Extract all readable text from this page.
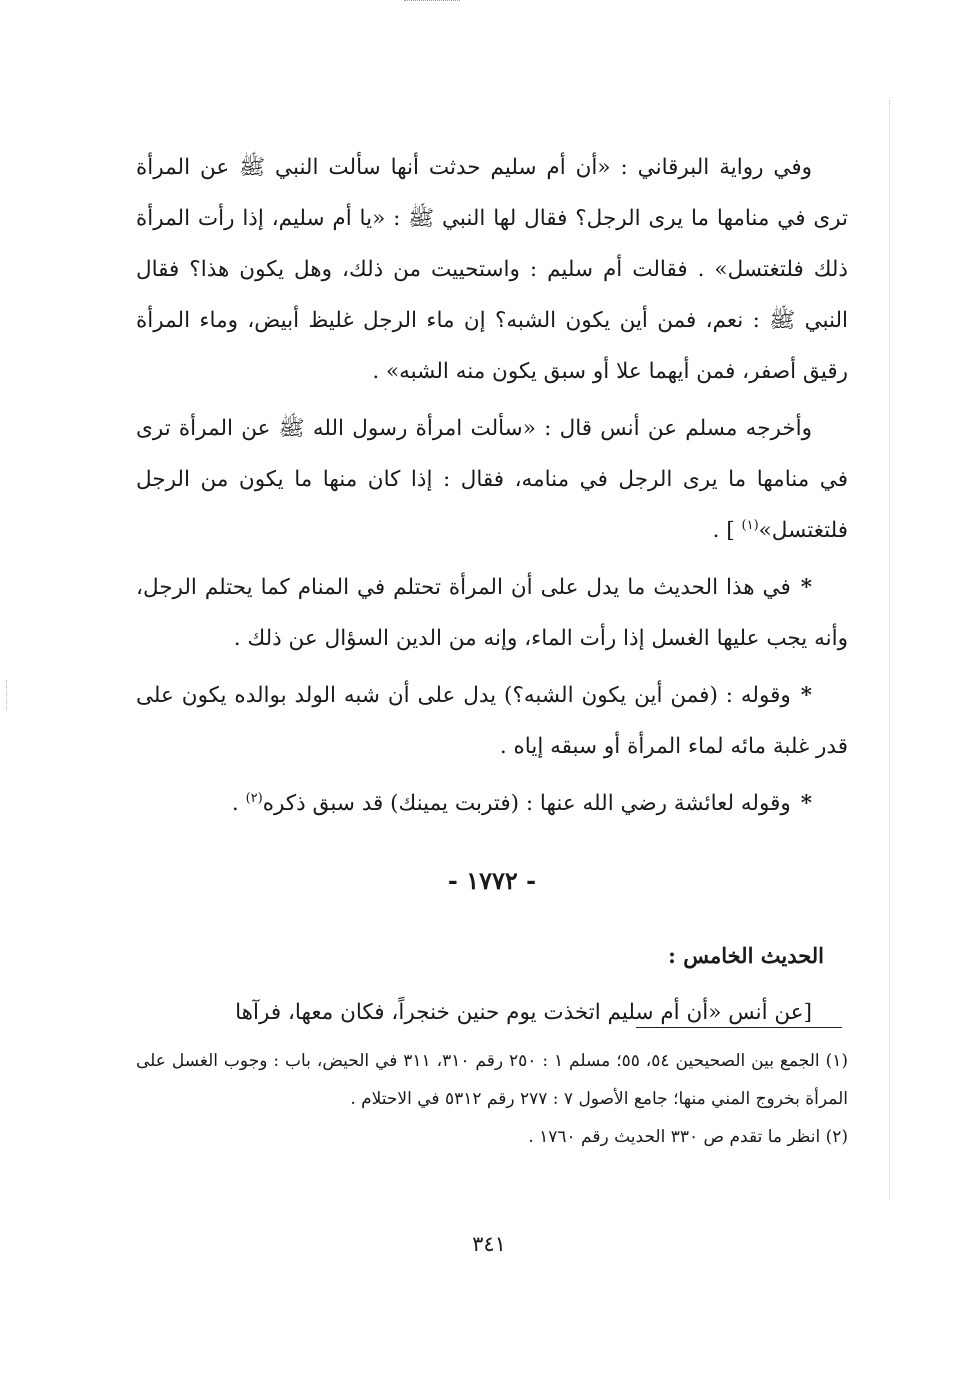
وفي رواية البرقاني : «أن أم سليم حدثت أنها سألت النبي ﷺ عن المرأة ترى في منامها ما يرى الرجل؟ فقال لها النبي ﷺ : «يا أم سليم، إذا رأت المرأة ذلك فلتغتسل» . فقالت أم سليم : واستحييت من ذلك، وهل يكون هذا؟ فقال النبي ﷺ : نعم، فمن أين يكون الشبه؟ إن ماء الرجل غليظ أبيض، وماء المرأة رقيق أصفر، فمن أيهما علا أو سبق يكون منه الشبه» .

وأخرجه مسلم عن أنس قال : «سألت امرأة رسول الله ﷺ عن المرأة ترى في منامها ما يرى الرجل في منامه، فقال : إذا كان منها ما يكون من الرجل فلتغتسل»$^{(١)}$ ] .

*في هذا الحديث ما يدل على أن المرأة تحتلم في المنام كما يحتلم الرجل، وأنه يجب عليها الغسل إذا رأت الماء، وإنه من الدين السؤال عن ذلك .

*وقوله : (فمن أين يكون الشبه؟) يدل على أن شبه الولد بوالده يكون على قدر غلبة مائه لماء المرأة أو سبقه إياه .

*وقوله لعائشة رضي الله عنها : (فتربت يمينك) قد سبق ذكره$^{(٢)}$ .

- ١٧٧٢ -

الحديث الخامس :

[عن أنس «أن أم سليم اتخذت يوم حنين خنجراً، فكان معها، فرآها

(١) الجمع بين الصحيحين ٥٤، ٥٥؛ مسلم ١ : ٢٥٠ رقم ٣١٠، ٣١١ في الحيض، باب : وجوب الغسل على المرأة بخروج المني منها؛ جامع الأصول ٧ : ٢٧٧ رقم ٥٣١٢ في الاحتلام .

(٢) انظر ما تقدم ص ٣٣٠ الحديث رقم ١٧٦٠ .

٣٤١
